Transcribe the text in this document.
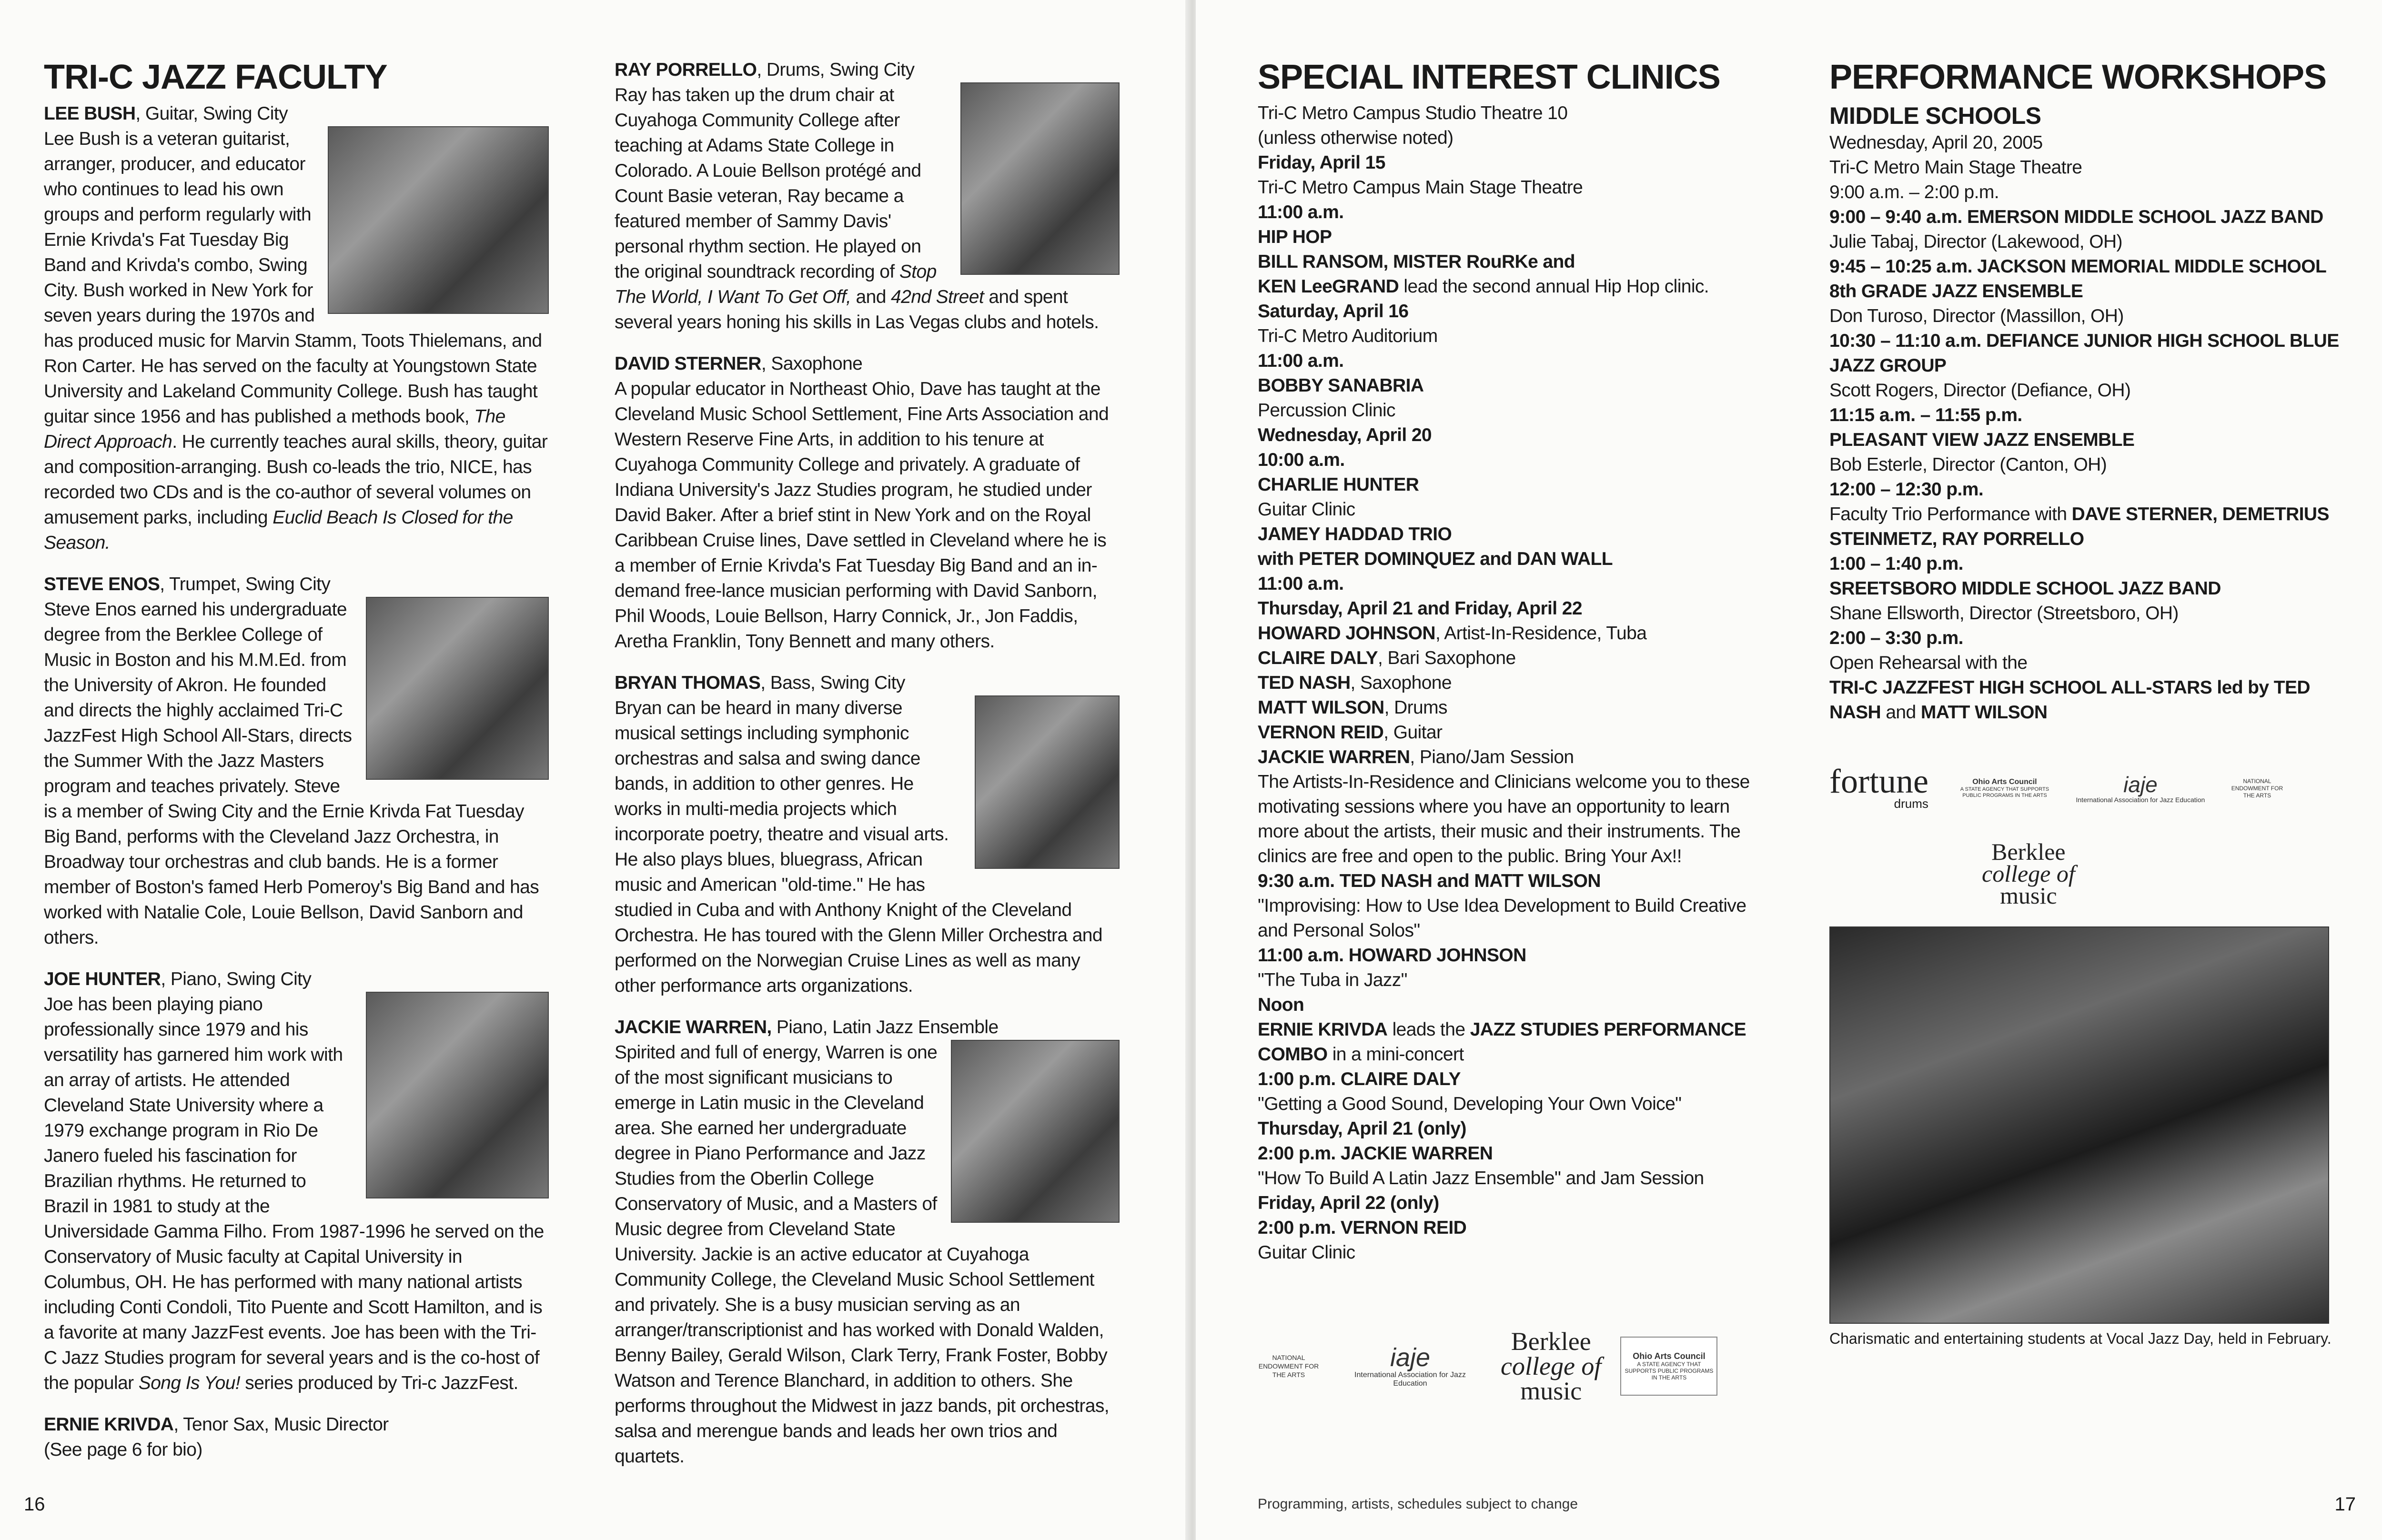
TRI-C JAZZ FACULTY

LEE BUSH, Guitar, Swing City

Lee Bush is a veteran guitarist, arranger, producer, and educator who continues to lead his own groups and perform regularly with Ernie Krivda's Fat Tuesday Big Band and Krivda's combo, Swing City. Bush worked in New York for seven years during the 1970s and has produced music for Marvin Stamm, Toots Thielemans, and Ron Carter. He has served on the faculty at Youngstown State University and Lakeland Community College. Bush has taught guitar since 1956 and has published a methods book, The Direct Approach. He currently teaches aural skills, theory, guitar and composition-arranging. Bush co-leads the trio, NICE, has recorded two CDs and is the co-author of several volumes on amusement parks, including Euclid Beach Is Closed for the Season.

STEVE ENOS, Trumpet, Swing City

Steve Enos earned his undergraduate degree from the Berklee College of Music in Boston and his M.M.Ed. from the University of Akron. He founded and directs the highly acclaimed Tri-C JazzFest High School All-Stars, directs the Summer With the Jazz Masters program and teaches privately. Steve is a member of Swing City and the Ernie Krivda Fat Tuesday Big Band, performs with the Cleveland Jazz Orchestra, in Broadway tour orchestras and club bands. He is a former member of Boston's famed Herb Pomeroy's Big Band and has worked with Natalie Cole, Louie Bellson, David Sanborn and others.

JOE HUNTER, Piano, Swing City

Joe has been playing piano professionally since 1979 and his versatility has garnered him work with an array of artists. He attended Cleveland State University where a 1979 exchange program in Rio De Janero fueled his fascination for Brazilian rhythms. He returned to Brazil in 1981 to study at the Universidade Gamma Filho. From 1987-1996 he served on the Conservatory of Music faculty at Capital University in Columbus, OH. He has performed with many national artists including Conti Condoli, Tito Puente and Scott Hamilton, and is a favorite at many JazzFest events. Joe has been with the Tri-C Jazz Studies program for several years and is the co-host of the popular Song Is You! series produced by Tri-c JazzFest.

ERNIE KRIVDA, Tenor Sax, Music Director

(See page 6 for bio)

RAY PORRELLO, Drums, Swing City

Ray has taken up the drum chair at Cuyahoga Community College after teaching at Adams State College in Colorado. A Louie Bellson protégé and Count Basie veteran, Ray became a featured member of Sammy Davis' personal rhythm section. He played on the original soundtrack recording of Stop The World, I Want To Get Off, and 42nd Street and spent several years honing his skills in Las Vegas clubs and hotels.

DAVID STERNER, Saxophone

A popular educator in Northeast Ohio, Dave has taught at the Cleveland Music School Settlement, Fine Arts Association and Western Reserve Fine Arts, in addition to his tenure at Cuyahoga Community College and privately. A graduate of Indiana University's Jazz Studies program, he studied under David Baker. After a brief stint in New York and on the Royal Caribbean Cruise lines, Dave settled in Cleveland where he is a member of Ernie Krivda's Fat Tuesday Big Band and an in-demand free-lance musician performing with David Sanborn, Phil Woods, Louie Bellson, Harry Connick, Jr., Jon Faddis, Aretha Franklin, Tony Bennett and many others.

BRYAN THOMAS, Bass, Swing City

Bryan can be heard in many diverse musical settings including symphonic orchestras and salsa and swing dance bands, in addition to other genres. He works in multi-media projects which incorporate poetry, theatre and visual arts. He also plays blues, bluegrass, African music and American "old-time." He has studied in Cuba and with Anthony Knight of the Cleveland Orchestra. He has toured with the Glenn Miller Orchestra and performed on the Norwegian Cruise Lines as well as many other performance arts organizations.

JACKIE WARREN, Piano, Latin Jazz Ensemble

Spirited and full of energy, Warren is one of the most significant musicians to emerge in Latin music in the Cleveland area. She earned her undergraduate degree in Piano Performance and Jazz Studies from the Oberlin College Conservatory of Music, and a Masters of Music degree from Cleveland State University. Jackie is an active educator at Cuyahoga Community College, the Cleveland Music School Settlement and privately. She is a busy musician serving as an arranger/transcriptionist and has worked with Donald Walden, Benny Bailey, Gerald Wilson, Clark Terry, Frank Foster, Bobby Watson and Terence Blanchard, in addition to others. She performs throughout the Midwest in jazz bands, pit orchestras, salsa and merengue bands and leads her own trios and quartets.

16
SPECIAL INTEREST CLINICS

Tri-C Metro Campus Studio Theatre 10

(unless otherwise noted)

Friday, April 15

Tri-C Metro Campus Main Stage Theatre

11:00 a.m.

HIP HOP

BILL RANSOM, MISTER RouRKe and

KEN LeeGRAND lead the second annual Hip Hop clinic.

Saturday, April 16

Tri-C Metro Auditorium

11:00 a.m.

BOBBY SANABRIA

Percussion Clinic

Wednesday, April 20

10:00 a.m.

CHARLIE HUNTER

Guitar Clinic

JAMEY HADDAD TRIO

with PETER DOMINQUEZ and DAN WALL

11:00 a.m.

Thursday, April 21 and Friday, April 22

HOWARD JOHNSON, Artist-In-Residence, Tuba

CLAIRE DALY, Bari Saxophone

TED NASH, Saxophone

MATT WILSON, Drums

VERNON REID, Guitar

JACKIE WARREN, Piano/Jam Session

The Artists-In-Residence and Clinicians welcome you to these motivating sessions where you have an opportunity to learn more about the artists, their music and their instruments. The clinics are free and open to the public. Bring Your Ax!!

9:30 a.m. TED NASH and MATT WILSON

"Improvising: How to Use Idea Development to Build Creative and Personal Solos"

11:00 a.m. HOWARD JOHNSON

"The Tuba in Jazz"

Noon

ERNIE KRIVDA leads the JAZZ STUDIES PERFORMANCE COMBO in a mini-concert

1:00 p.m. CLAIRE DALY

"Getting a Good Sound, Developing Your Own Voice"

Thursday, April 21 (only)

2:00 p.m. JACKIE WARREN

"How To Build A Latin Jazz Ensemble" and Jam Session

Friday, April 22 (only)

2:00 p.m. VERNON REID

Guitar Clinic

NATIONAL ENDOWMENT FOR THE ARTS
iaje
International Association for Jazz Education
Berklee
college of
music
Ohio Arts Council
A STATE AGENCY THAT SUPPORTS PUBLIC PROGRAMS IN THE ARTS
Programming, artists, schedules subject to change
PERFORMANCE WORKSHOPS
MIDDLE SCHOOLS

Wednesday, April 20, 2005

Tri-C Metro Main Stage Theatre

9:00 a.m. – 2:00 p.m.

9:00 – 9:40 a.m. EMERSON MIDDLE SCHOOL JAZZ BAND Julie Tabaj, Director (Lakewood, OH)

9:45 – 10:25 a.m. JACKSON MEMORIAL MIDDLE SCHOOL 8th GRADE JAZZ ENSEMBLE

Don Turoso, Director (Massillon, OH)

10:30 – 11:10 a.m. DEFIANCE JUNIOR HIGH SCHOOL BLUE JAZZ GROUP

Scott Rogers, Director (Defiance, OH)

11:15 a.m. – 11:55 p.m.

PLEASANT VIEW JAZZ ENSEMBLE

Bob Esterle, Director (Canton, OH)

12:00 – 12:30 p.m.

Faculty Trio Performance with DAVE STERNER, DEMETRIUS STEINMETZ, RAY PORRELLO

1:00 – 1:40 p.m.

SREETSBORO MIDDLE SCHOOL JAZZ BAND

Shane Ellsworth, Director (Streetsboro, OH)

2:00 – 3:30 p.m.

Open Rehearsal with the

TRI-C JAZZFEST HIGH SCHOOL ALL-STARS led by TED NASH and MATT WILSON

fortune
drums
Ohio Arts Council
A STATE AGENCY THAT SUPPORTS PUBLIC PROGRAMS IN THE ARTS	iaje
International Association for Jazz Education
NATIONAL ENDOWMENT FOR THE ARTS
Berklee
college of
music
Charismatic and entertaining students at Vocal Jazz Day, held in February.
17
